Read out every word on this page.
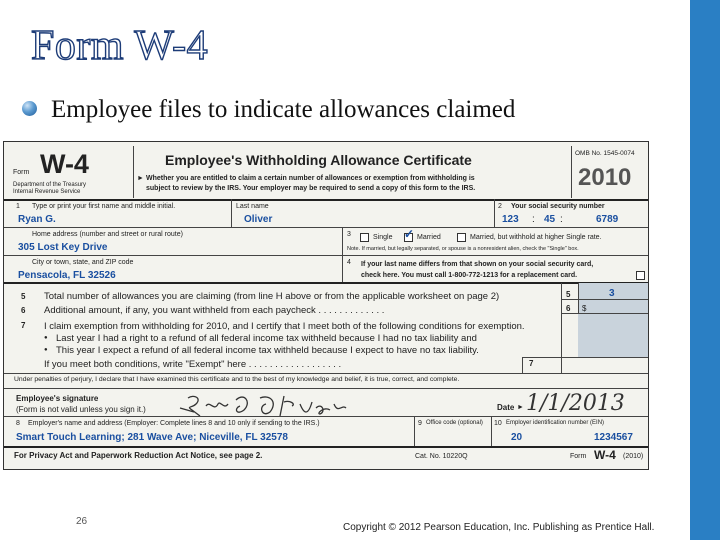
Form W-4
Employee files to indicate allowances claimed
Form W-4
Department of the Treasury
Internal Revenue Service
Employee's Withholding Allowance Certificate
► Whether you are entitled to claim a certain number of allowances or exemption from withholding is
subject to review by the IRS. Your employer may be required to send a copy of this form to the IRS.
OMB No. 1545-0074
2010
1 Type or print your first name and middle initial.
Ryan G.
Last name
Oliver
2 Your social security number
123 : 45 :	6789
Home address (number and street or rural route)
305 Lost Key Drive
3	Single ✓ Married	Married, but withhold at higher Single rate.
Note. If married, but legally separated, or spouse is a nonresident alien, check the "Single" box.
City or town, state, and ZIP code
Pensacola, FL 32526
4 If your last name differs from that shown on your social security card,
check here. You must call 1-800-772-1213 for a replacement card.
5 Total number of allowances you are claiming (from line H above or from the applicable worksheet on page 2)	5	3
6 Additional amount, if any, you want withheld from each paycheck . . . . . . . . . . . . .	6 $
7 I claim exemption from withholding for 2010, and I certify that I meet both of the following conditions for exemption.
● Last year I had a right to a refund of all federal income tax withheld because I had no tax liability and
● This year I expect a refund of all federal income tax withheld because I expect to have no tax liability.
If you meet both conditions, write "Exempt" here . . . . . . . . . . . . . . . . . .	7
Under penalties of perjury, I declare that I have examined this certificate and to the best of my knowledge and belief, it is true, correct, and complete.
Employee's signature
(Form is not valid unless you sign it.)	Date 1/1/2013
►
8 Employer's name and address (Employer: Complete lines 8 and 10 only if sending to the IRS.)
Smart Touch Learning; 281 Wave Ave; Niceville, FL 32578
9 Office code (optional) 10 Employer identification number (EIN)
20	1234567
For Privacy Act and Paperwork Reduction Act Notice, see page 2.	Cat. No. 10220Q	Form W-4 (2010)
26
Copyright © 2012 Pearson Education, Inc. Publishing as Prentice Hall.
